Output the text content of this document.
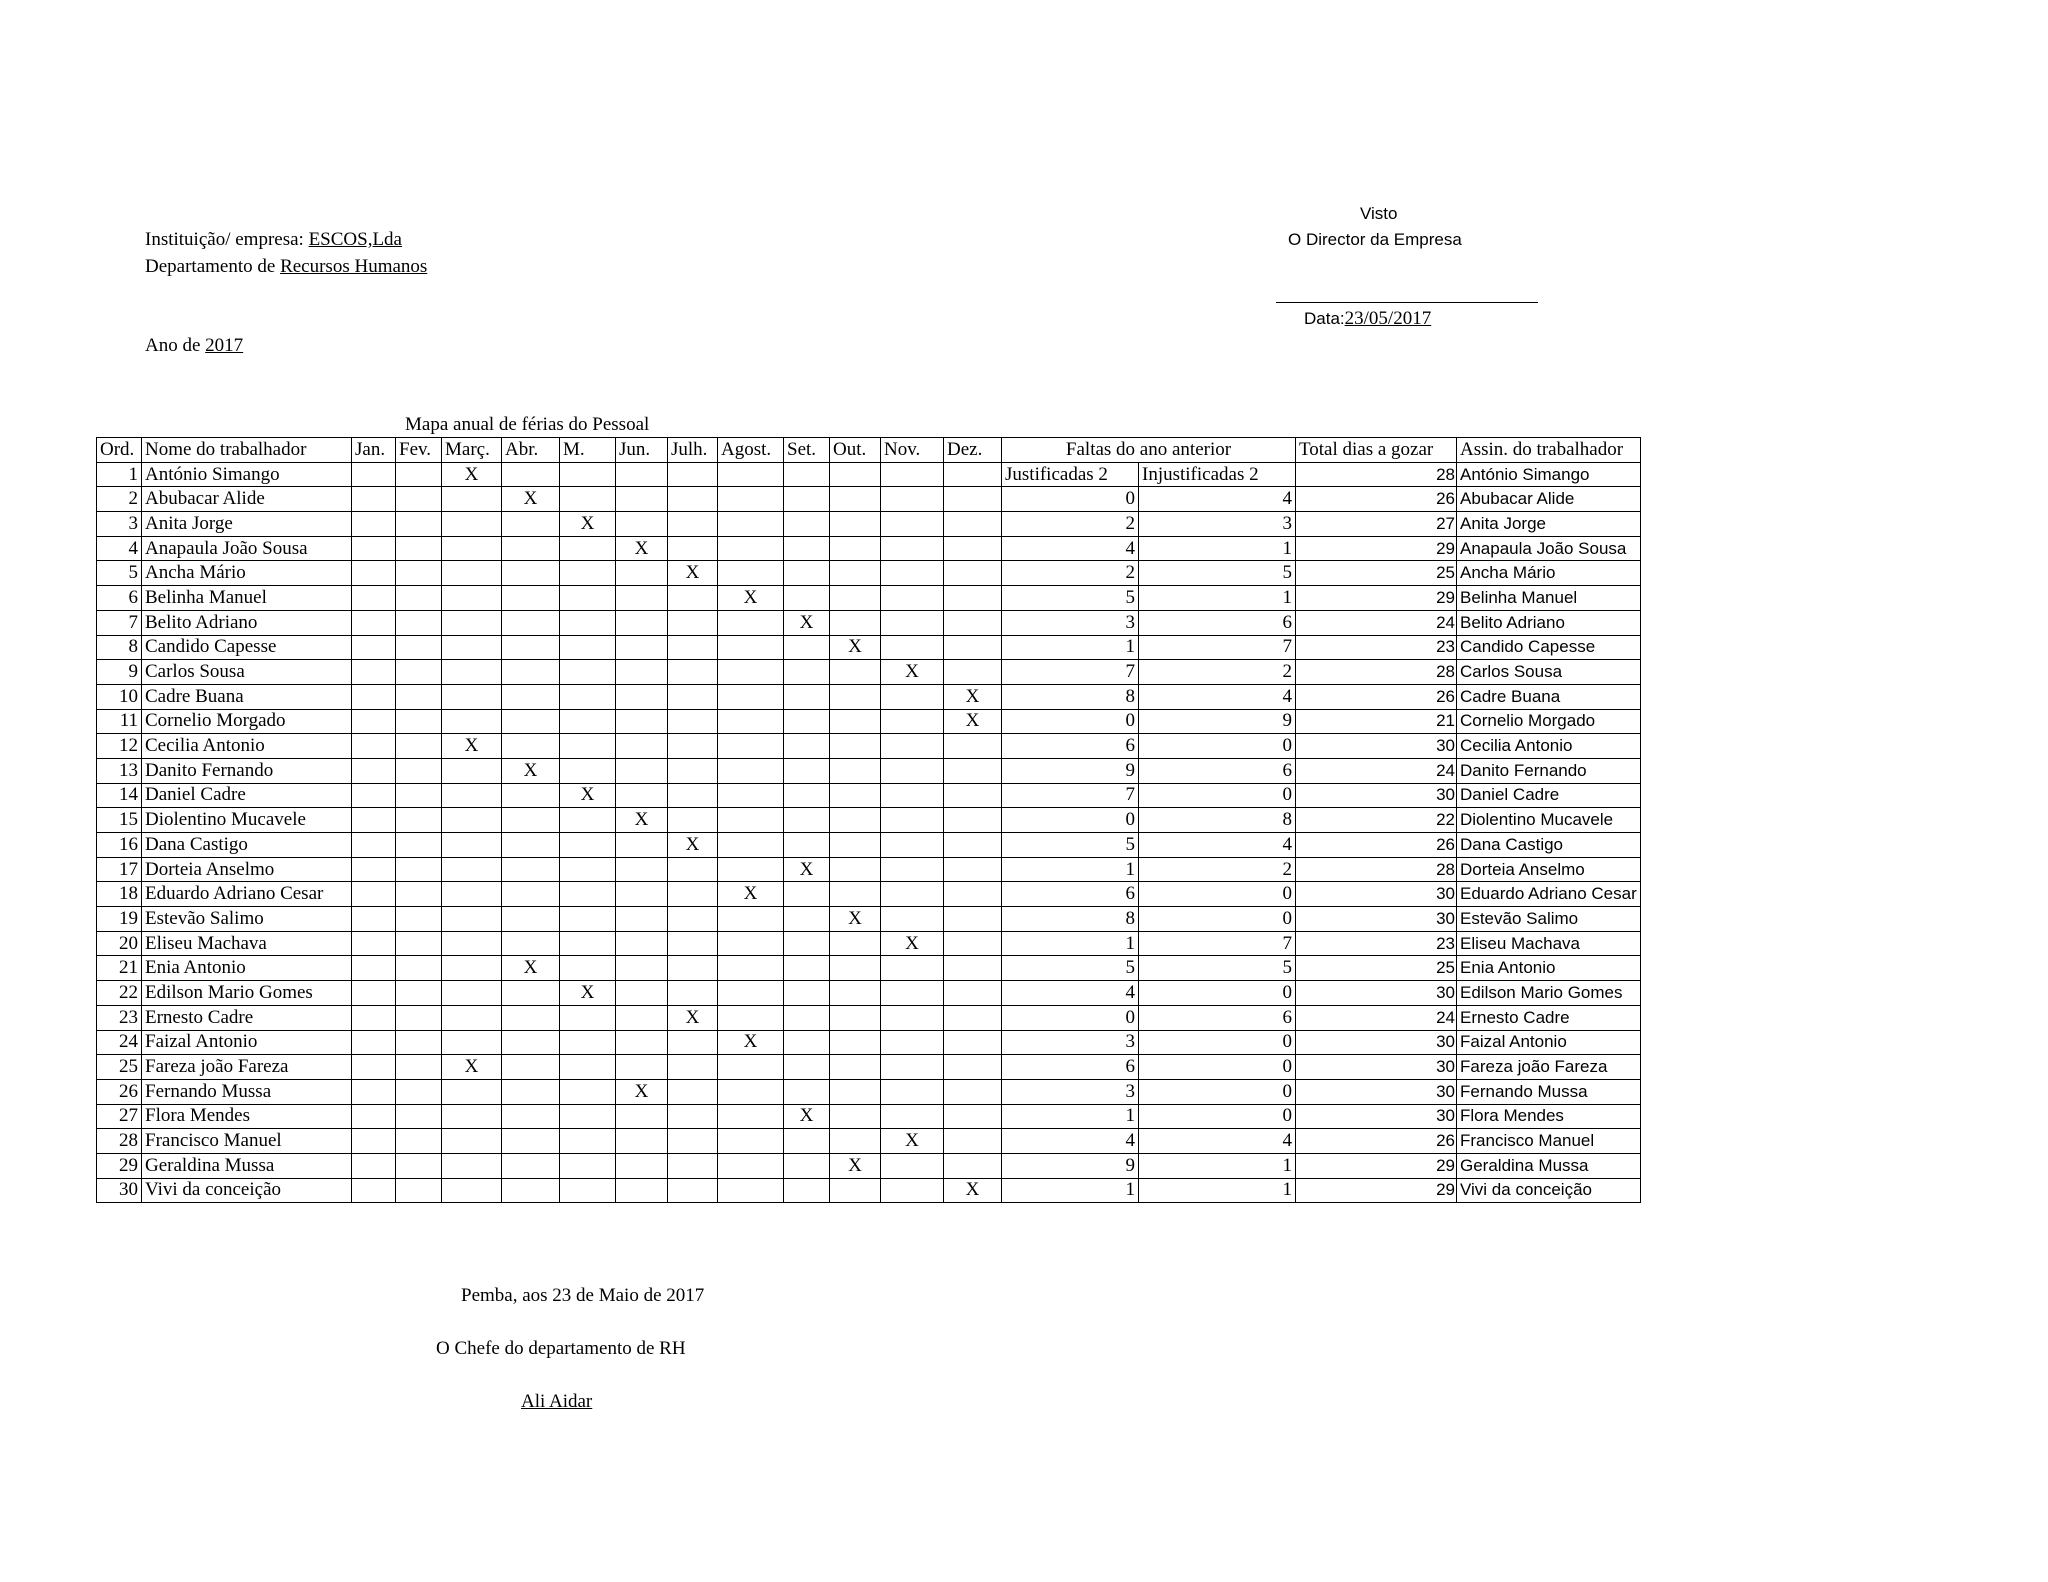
Instituição/ empresa: ESCOS,Lda
Departamento de Recursos Humanos
Ano de 2017
Visto
O Director da Empresa
Data:23/05/2017
Mapa anual de férias do Pessoal
Ord.	Nome do trabalhador	Jan.	Fev.	Març.	Abr.	M.	Jun.	Julh.	Agost.	Set.	Out.	Nov.	Dez.	Faltas do ano anterior		Total dias a gozar	Assin. do trabalhador
1	António Simango			X										Justificadas 2	Injustificadas 2	28	António Simango
2	Abubacar Alide				X									0	4	26	Abubacar Alide
3	Anita Jorge					X								2	3	27	Anita Jorge
4	Anapaula João Sousa						X							4	1	29	Anapaula João Sousa
5	Ancha Mário							X						2	5	25	Ancha Mário
6	Belinha Manuel								X					5	1	29	Belinha Manuel
7	Belito Adriano									X				3	6	24	Belito Adriano
8	Candido Capesse										X			1	7	23	Candido Capesse
9	Carlos Sousa											X		7	2	28	Carlos Sousa
10	Cadre Buana												X	8	4	26	Cadre Buana
11	Cornelio Morgado												X	0	9	21	Cornelio Morgado
12	Cecilia Antonio			X										6	0	30	Cecilia Antonio
13	Danito Fernando				X									9	6	24	Danito Fernando
14	Daniel Cadre					X								7	0	30	Daniel Cadre
15	Diolentino Mucavele						X							0	8	22	Diolentino Mucavele
16	Dana Castigo							X						5	4	26	Dana Castigo
17	Dorteia Anselmo									X				1	2	28	Dorteia Anselmo
18	Eduardo Adriano Cesar								X					6	0	30	Eduardo Adriano Cesar
19	Estevão Salimo										X			8	0	30	Estevão Salimo
20	Eliseu Machava											X		1	7	23	Eliseu Machava
21	Enia Antonio				X									5	5	25	Enia Antonio
22	Edilson Mario Gomes					X								4	0	30	Edilson Mario Gomes
23	Ernesto Cadre							X						0	6	24	Ernesto Cadre
24	Faizal Antonio								X					3	0	30	Faizal Antonio
25	Fareza joão Fareza			X										6	0	30	Fareza joão Fareza
26	Fernando Mussa						X							3	0	30	Fernando Mussa
27	Flora Mendes									X				1	0	30	Flora Mendes
28	Francisco Manuel											X		4	4	26	Francisco Manuel
29	Geraldina Mussa										X			9	1	29	Geraldina Mussa
30	Vivi da conceição												X	1	1	29	Vivi da conceição
Pemba, aos 23 de Maio de 2017
O Chefe do departamento de RH
Ali Aidar
